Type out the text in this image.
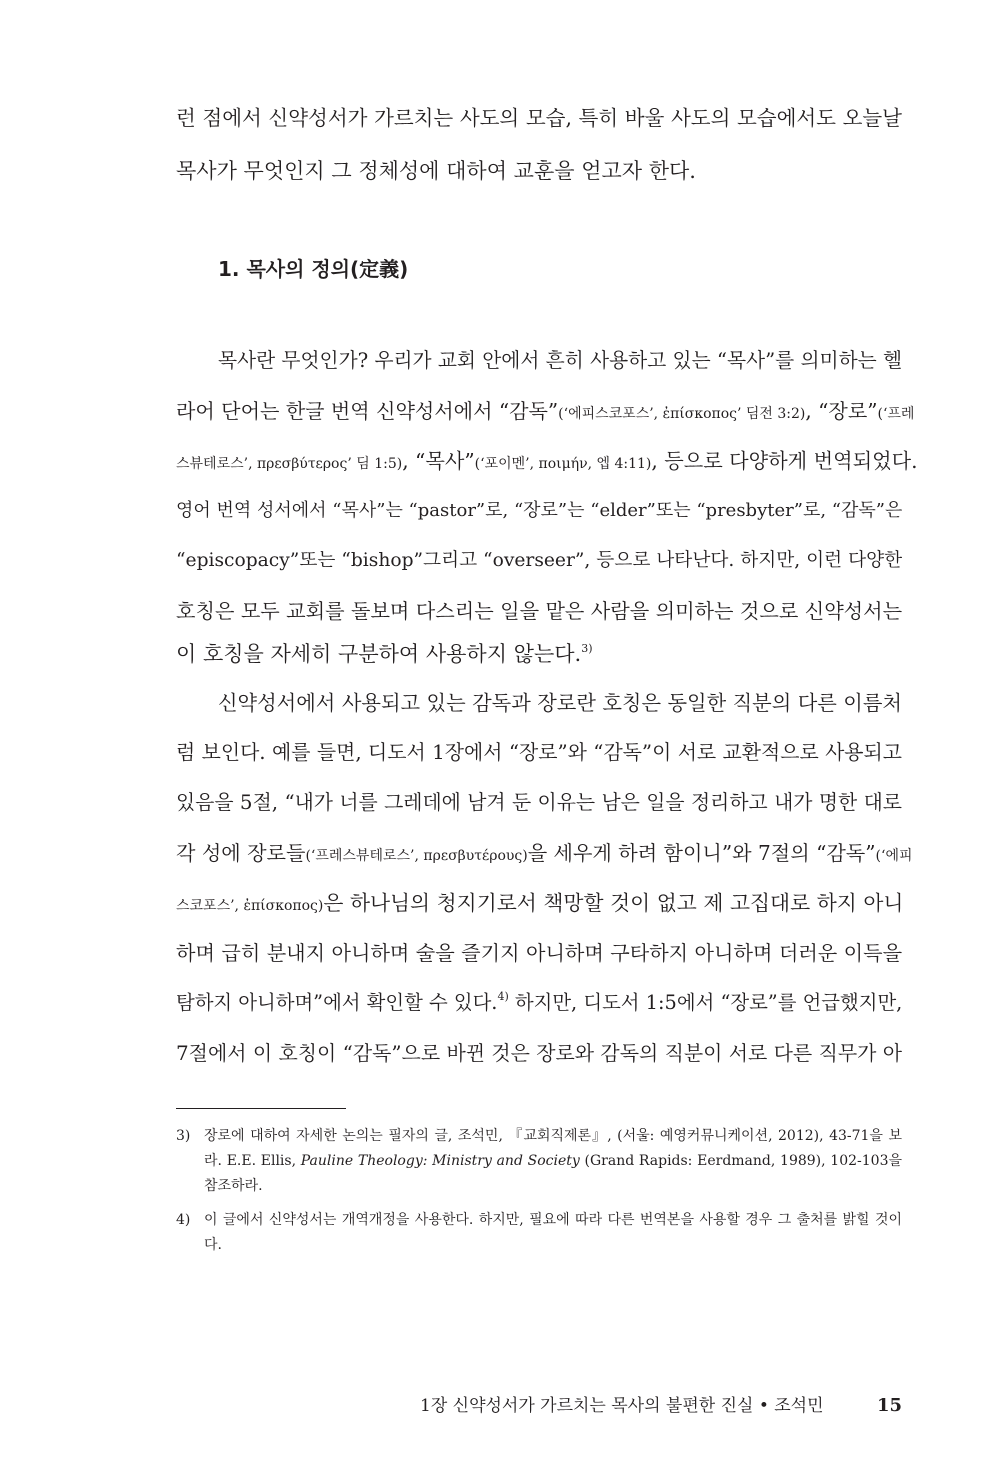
런 점에서 신약성서가 가르치는 사도의 모습, 특히 바울 사도의 모습에서도 오늘날
목사가 무엇인지 그 정체성에 대하여 교훈을 얻고자 한다.
1. 목사의 정의(定義)
목사란 무엇인가? 우리가 교회 안에서 흔히 사용하고 있는 “목사”를 의미하는 헬
라어 단어는 한글 번역 신약성서에서 “감독”(‘에피스코포스’, ἐπίσκοπος’ 딤전 3:2), “장로”(‘프레
스뷰테로스’, πρεσβύτερος’ 딤 1:5), “목사”(‘포이멘’, ποιμήν, 엡 4:11), 등으로 다양하게 번역되었다.
영어 번역 성서에서 “목사”는 “pastor”로, “장로”는 “elder”또는 “presbyter”로, “감독”은
“episcopacy”또는 “bishop”그리고 “overseer”, 등으로 나타난다. 하지만, 이런 다양한
호칭은 모두 교회를 돌보며 다스리는 일을 맡은 사람을 의미하는 것으로 신약성서는
이 호칭을 자세히 구분하여 사용하지 않는다.$^{3)}$
신약성서에서 사용되고 있는 감독과 장로란 호칭은 동일한 직분의 다른 이름처
럼 보인다. 예를 들면, 디도서 1장에서 “장로”와 “감독”이 서로 교환적으로 사용되고
있음을 5절, “내가 너를 그레데에 남겨 둔 이유는 남은 일을 정리하고 내가 명한 대로
각 성에 장로들(‘프레스뷰테로스’, πρεσβυτέρους)을 세우게 하려 함이니”와 7절의 “감독”(‘에피
스코포스’, ἐπίσκοπος)은 하나님의 청지기로서 책망할 것이 없고 제 고집대로 하지 아니
하며 급히 분내지 아니하며 술을 즐기지 아니하며 구타하지 아니하며 더러운 이득을
탐하지 아니하며”에서 확인할 수 있다.$^{4)}$ 하지만, 디도서 1:5에서 “장로”를 언급했지만,
7절에서 이 호칭이 “감독”으로 바뀐 것은 장로와 감독의 직분이 서로 다른 직무가 아
3) 장로에 대하여 자세한 논의는 필자의 글, 조석민, 『교회직제론』, (서울: 예영커뮤니케이션, 2012), 43-71을 보라. E.E. Ellis, Pauline Theology: Ministry and Society (Grand Rapids: Eerdmand, 1989), 102-103을 참조하라.
4) 이 글에서 신약성서는 개역개정을 사용한다. 하지만, 필요에 따라 다른 번역본을 사용할 경우 그 출처를 밝힐 것이다.
1장 신약성서가 가르치는 목사의 불편한 진실 • 조석민	15
